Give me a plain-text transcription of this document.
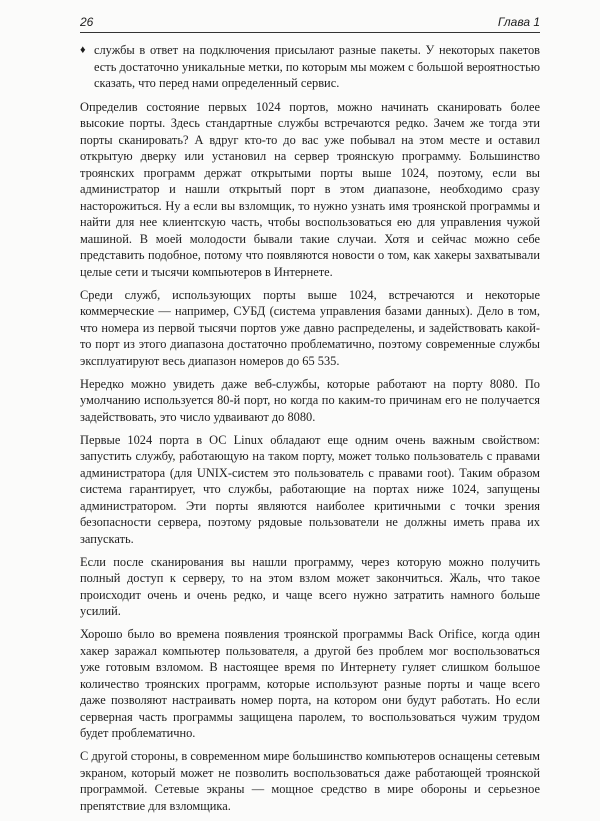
26	Глава 1

♦ службы в ответ на подключения присылают разные пакеты. У некоторых пакетов есть достаточно уникальные метки, по которым мы можем с большой вероятностью сказать, что перед нами определенный сервис.

Определив состояние первых 1024 портов, можно начинать сканировать более высокие порты. Здесь стандартные службы встречаются редко. Зачем же тогда эти порты сканировать? А вдруг кто-то до вас уже побывал на этом месте и оставил открытую дверку или установил на сервер троянскую программу. Большинство троянских программ держат открытыми порты выше 1024, поэтому, если вы администратор и нашли открытый порт в этом диапазоне, необходимо сразу насторожиться. Ну а если вы взломщик, то нужно узнать имя троянской программы и найти для нее клиентскую часть, чтобы воспользоваться ею для управления чужой машиной. В моей молодости бывали такие случаи. Хотя и сейчас можно себе представить подобное, потому что появляются новости о том, как хакеры захватывали целые сети и тысячи компьютеров в Интернете.

Среди служб, использующих порты выше 1024, встречаются и некоторые коммерческие — например, СУБД (система управления базами данных). Дело в том, что номера из первой тысячи портов уже давно распределены, и задействовать какой-то порт из этого диапазона достаточно проблематично, поэтому современные службы эксплуатируют весь диапазон номеров до 65 535.

Нередко можно увидеть даже веб-службы, которые работают на порту 8080. По умолчанию используется 80-й порт, но когда по каким-то причинам его не получается задействовать, это число удваивают до 8080.

Первые 1024 порта в ОС Linux обладают еще одним очень важным свойством: запустить службу, работающую на таком порту, может только пользователь с правами администратора (для UNIX-систем это пользователь с правами root). Таким образом система гарантирует, что службы, работающие на портах ниже 1024, запущены администратором. Эти порты являются наиболее критичными с точки зрения безопасности сервера, поэтому рядовые пользователи не должны иметь права их запускать.

Если после сканирования вы нашли программу, через которую можно получить полный доступ к серверу, то на этом взлом может закончиться. Жаль, что такое происходит очень и очень редко, и чаще всего нужно затратить намного больше усилий.

Хорошо было во времена появления троянской программы Back Orifice, когда один хакер заражал компьютер пользователя, а другой без проблем мог воспользоваться уже готовым взломом. В настоящее время по Интернету гуляет слишком большое количество троянских программ, которые используют разные порты и чаще всего даже позволяют настраивать номер порта, на котором они будут работать. Но если серверная часть программы защищена паролем, то воспользоваться чужим трудом будет проблематично.

С другой стороны, в современном мире большинство компьютеров оснащены сетевым экраном, который может не позволить воспользоваться даже работающей троянской программой. Сетевые экраны — мощное средство в мире обороны и серьезное препятствие для взломщика.
